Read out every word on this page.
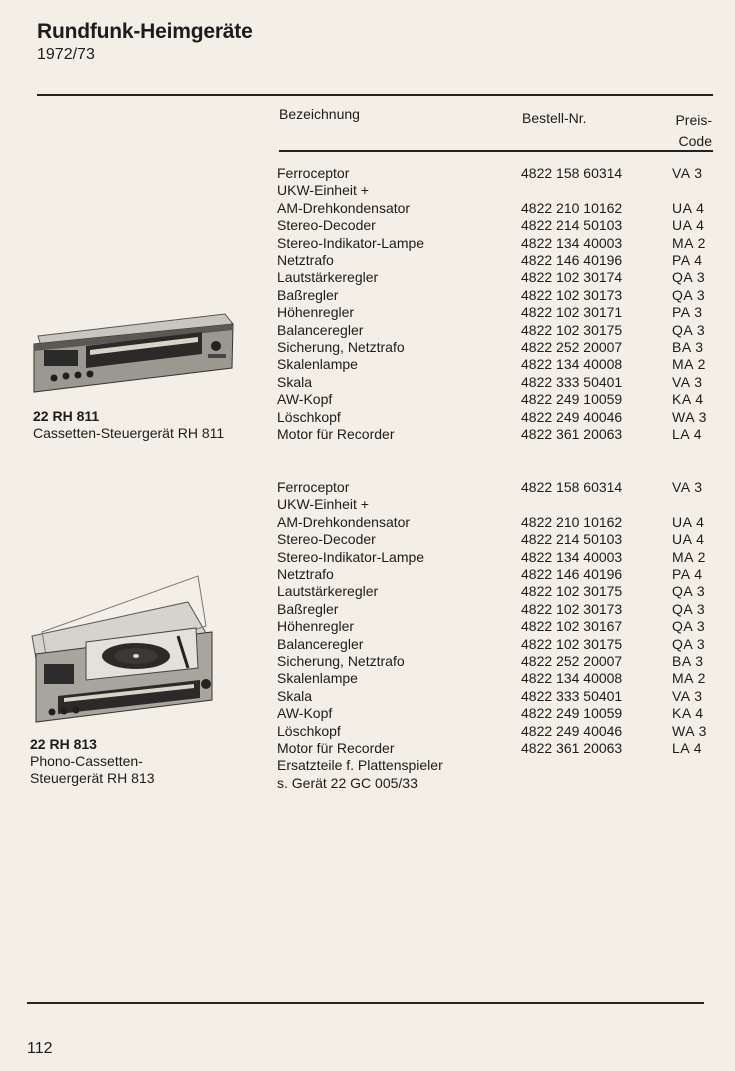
Rundfunk-Heimgeräte
1972/73
Bezeichnung	Bestell-Nr.	Preis-
Code
Ferroceptor	4822 158 60314	VA 3
UKW-Einheit +
AM-Drehkondensator	4822 210 10162	UA 4
Stereo-Decoder	4822 214 50103	UA 4
Stereo-Indikator-Lampe	4822 134 40003	MA 2
Netztrafo	4822 146 40196	PA 4
Lautstärkeregler	4822 102 30174	QA 3
Baßregler	4822 102 30173	QA 3
Höhenregler	4822 102 30171	PA 3
Balanceregler	4822 102 30175	QA 3
Sicherung, Netztrafo	4822 252 20007	BA 3
Skalenlampe	4822 134 40008	MA 2
Skala	4822 333 50401	VA 3
AW-Kopf	4822 249 10059	KA 4
Löschkopf	4822 249 40046	WA 3
Motor für Recorder	4822 361 20063	LA 4
Ferroceptor	4822 158 60314	VA 3
UKW-Einheit +
AM-Drehkondensator	4822 210 10162	UA 4
Stereo-Decoder	4822 214 50103	UA 4
Stereo-Indikator-Lampe	4822 134 40003	MA 2
Netztrafo	4822 146 40196	PA 4
Lautstärkeregler	4822 102 30175	QA 3
Baßregler	4822 102 30173	QA 3
Höhenregler	4822 102 30167	QA 3
Balanceregler	4822 102 30175	QA 3
Sicherung, Netztrafo	4822 252 20007	BA 3
Skalenlampe	4822 134 40008	MA 2
Skala	4822 333 50401	VA 3
AW-Kopf	4822 249 10059	KA 4
Löschkopf	4822 249 40046	WA 3
Motor für Recorder	4822 361 20063	LA 4
Ersatzteile f. Plattenspieler
s. Gerät 22 GC 005/33
22 RH 811
Cassetten-Steuergerät RH 811
22 RH 813
Phono-Cassetten-
Steuergerät RH 813
112
